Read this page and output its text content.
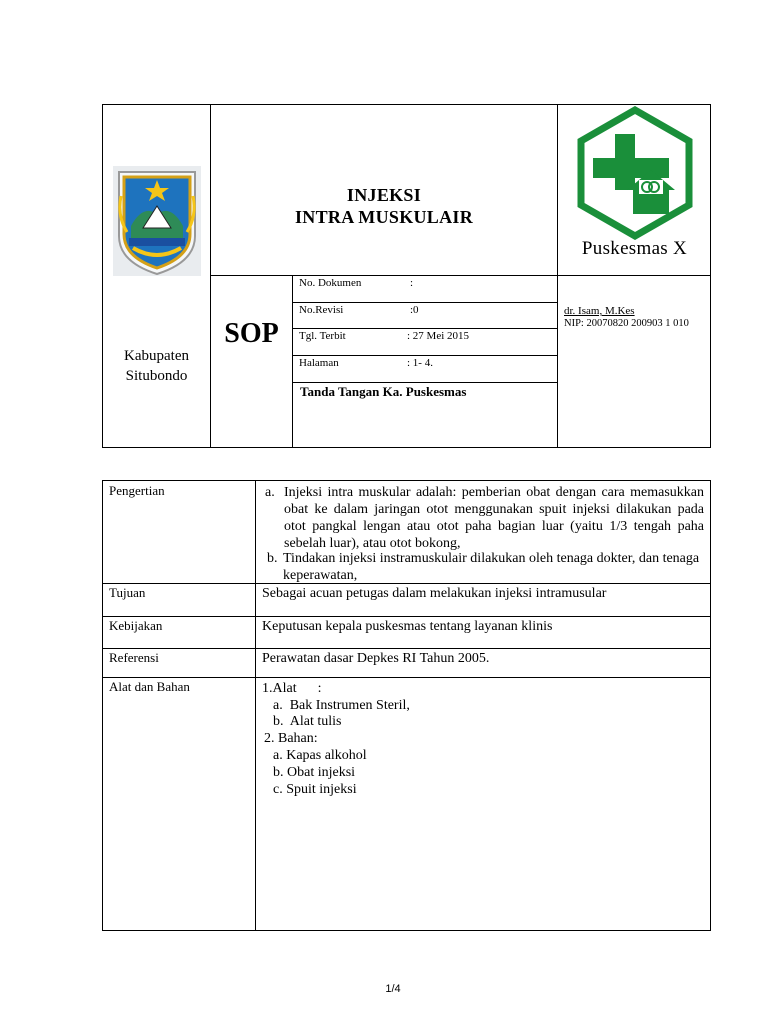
Kabupaten
Situbondo
INJEKSI
INTRA MUSKULAIR
Puskesmas X
SOP
No. Dokumen	:
No.Revisi	:0
Tgl. Terbit	: 27 Mei 2015
Halaman	: 1- 4.
Tanda Tangan Ka. Puskesmas
dr. Isam, M.Kes
NIP: 20070820 200903 1 010
Pengertian	a. Injeksi intra muskular adalah: pemberian obat dengan cara memasukkan obat ke dalam jaringan otot menggunakan spuit injeksi dilakukan pada otot pangkal lengan atau otot paha bagian luar (yaitu 1/3 tengah paha sebelah luar), atau otot bokong,
b. Tindakan injeksi instramuskulair dilakukan oleh tenaga dokter, dan tenaga keperawatan,
Tujuan	Sebagai acuan petugas dalam melakukan injeksi intramusular
Kebijakan	Keputusan kepala puskesmas tentang layanan klinis
Referensi	Perawatan dasar Depkes RI Tahun 2005.
Alat dan Bahan	1.Alat      :
a.  Bak Instrumen Steril,
b.  Alat tulis
2. Bahan:
a. Kapas alkohol
b. Obat injeksi
c. Spuit injeksi
1/4
